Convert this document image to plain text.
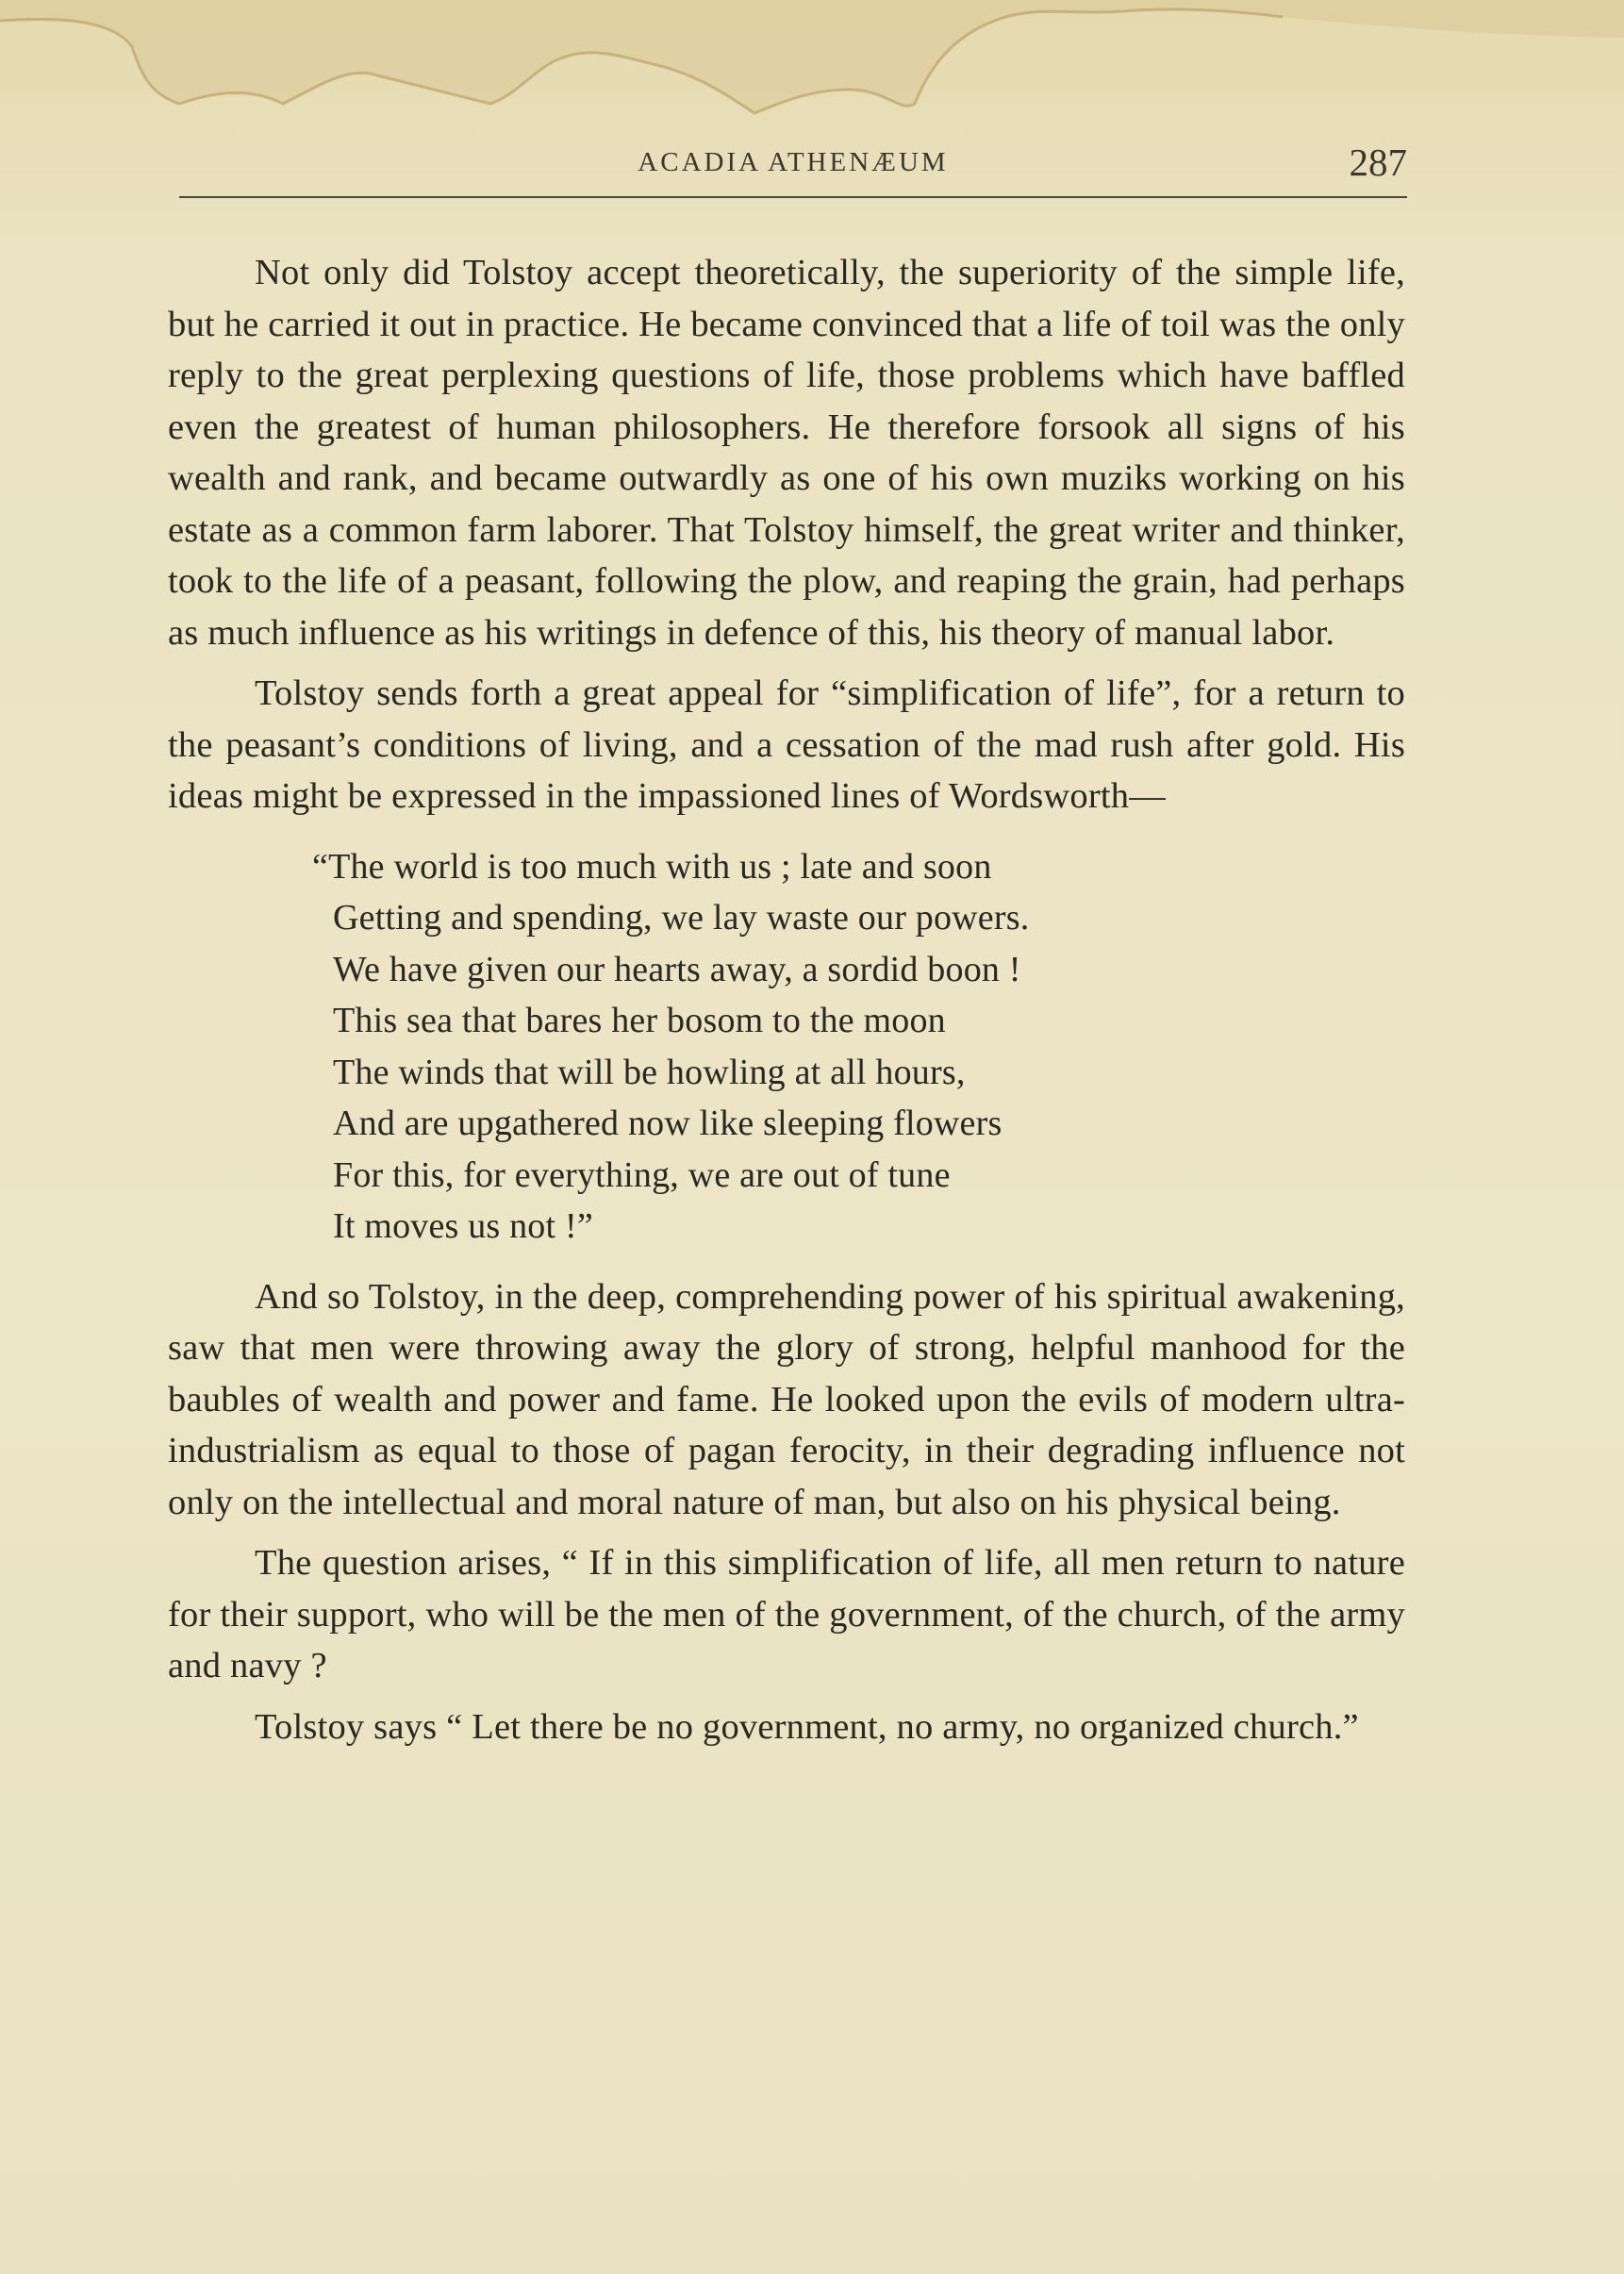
ACADIA ATHENÆUM	287

Not only did Tolstoy accept theoretically, the superiority of the simple life, but he carried it out in practice. He became convinced that a life of toil was the only reply to the great perplexing questions of life, those problems which have baffled even the greatest of human philosophers. He therefore forsook all signs of his wealth and rank, and became outwardly as one of his own muziks working on his estate as a common farm laborer. That Tolstoy himself, the great writer and thinker, took to the life of a peasant, following the plow, and reaping the grain, had perhaps as much influence as his writings in defence of this, his theory of manual labor.

Tolstoy sends forth a great appeal for “simplification of life”, for a return to the peasant’s conditions of living, and a cessation of the mad rush after gold. His ideas might be expressed in the impassioned lines of Wordsworth—

“The world is too much with us ; late and soon
Getting and spending, we lay waste our powers.
We have given our hearts away, a sordid boon !
This sea that bares her bosom to the moon
The winds that will be howling at all hours,
And are upgathered now like sleeping flowers
For this, for everything, we are out of tune
It moves us not !”

And so Tolstoy, in the deep, comprehending power of his spiritual awakening, saw that men were throwing away the glory of strong, helpful manhood for the baubles of wealth and power and fame. He looked upon the evils of modern ultra-industrialism as equal to those of pagan ferocity, in their degrading influence not only on the intellectual and moral nature of man, but also on his physical being.

The question arises, “ If in this simplification of life, all men return to nature for their support, who will be the men of the government, of the church, of the army and navy ?

Tolstoy says “ Let there be no government, no army, no organized church.”
